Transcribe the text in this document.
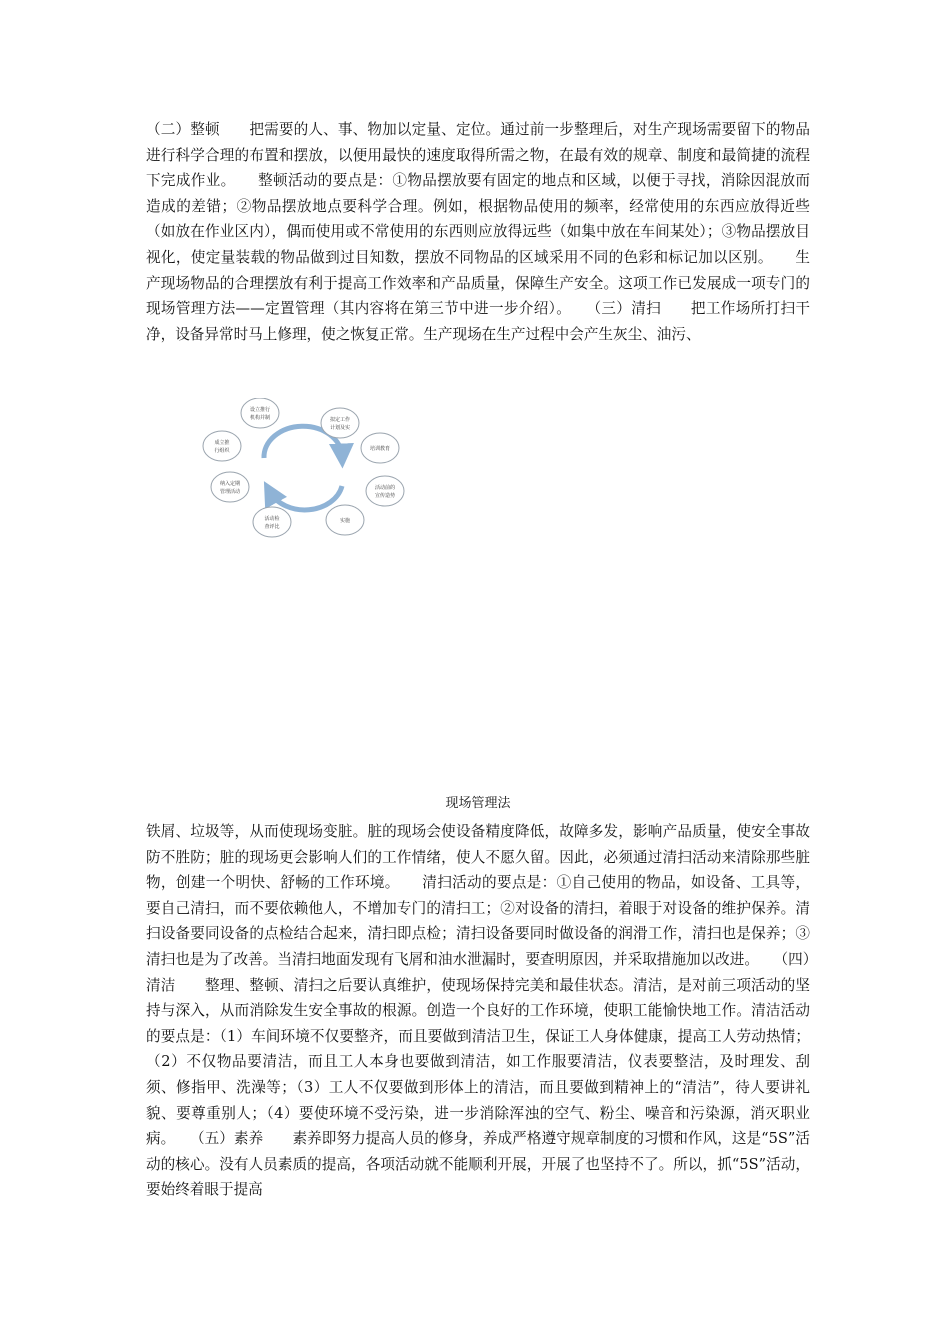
（二）整顿　　把需要的人、事、物加以定量、定位。通过前一步整理后，对生产现场需要留下的物品进行科学合理的布置和摆放，以便用最快的速度取得所需之物，在最有效的规章、制度和最简捷的流程下完成作业。　　整顿活动的要点是：①物品摆放要有固定的地点和区域，以便于寻找，消除因混放而造成的差错；②物品摆放地点要科学合理。例如，根据物品使用的频率，经常使用的东西应放得近些（如放在作业区内），偶而使用或不常使用的东西则应放得远些（如集中放在车间某处）；③物品摆放目视化，使定量装载的物品做到过目知数，摆放不同物品的区域采用不同的色彩和标记加以区别。　　生产现场物品的合理摆放有利于提高工作效率和产品质量，保障生产安全。这项工作已发展成一项专门的现场管理方法——定置管理（其内容将在第三节中进一步介绍）。　　（三）清扫　　把工作场所打扫干净，设备异常时马上修理，使之恢复正常。生产现场在生产过程中会产生灰尘、油污、

设立推行
机构并制	拟定工作
计划及实
培训教育
活动前的
宣传造势
实施
活动检
查评比
纳入定期
管理活动
成立推
行组织
现场管理法

铁屑、垃圾等，从而使现场变脏。脏的现场会使设备精度降低，故障多发，影响产品质量，使安全事故防不胜防；脏的现场更会影响人们的工作情绪，使人不愿久留。因此，必须通过清扫活动来清除那些脏物，创建一个明快、舒畅的工作环境。　　清扫活动的要点是：①自己使用的物品，如设备、工具等，要自己清扫，而不要依赖他人，不增加专门的清扫工；②对设备的清扫，着眼于对设备的维护保养。清扫设备要同设备的点检结合起来，清扫即点检；清扫设备要同时做设备的润滑工作，清扫也是保养；③清扫也是为了改善。当清扫地面发现有飞屑和油水泄漏时，要查明原因，并采取措施加以改进。　　（四）清洁　　整理、整顿、清扫之后要认真维护，使现场保持完美和最佳状态。清洁，是对前三项活动的坚持与深入，从而消除发生安全事故的根源。创造一个良好的工作环境，使职工能愉快地工作。清洁活动的要点是：（1）车间环境不仅要整齐，而且要做到清洁卫生，保证工人身体健康，提高工人劳动热情；（2）不仅物品要清洁，而且工人本身也要做到清洁，如工作服要清洁，仪表要整洁，及时理发、刮须、修指甲、洗澡等；（3）工人不仅要做到形体上的清洁，而且要做到精神上的“清洁”，待人要讲礼貌、要尊重别人；（4）要使环境不受污染，进一步消除浑浊的空气、粉尘、噪音和污染源，消灭职业病。　　（五）素养　　素养即努力提高人员的修身，养成严格遵守规章制度的习惯和作风，这是“5S”活动的核心。没有人员素质的提高，各项活动就不能顺利开展，开展了也坚持不了。所以，抓“5S”活动，要始终着眼于提高
